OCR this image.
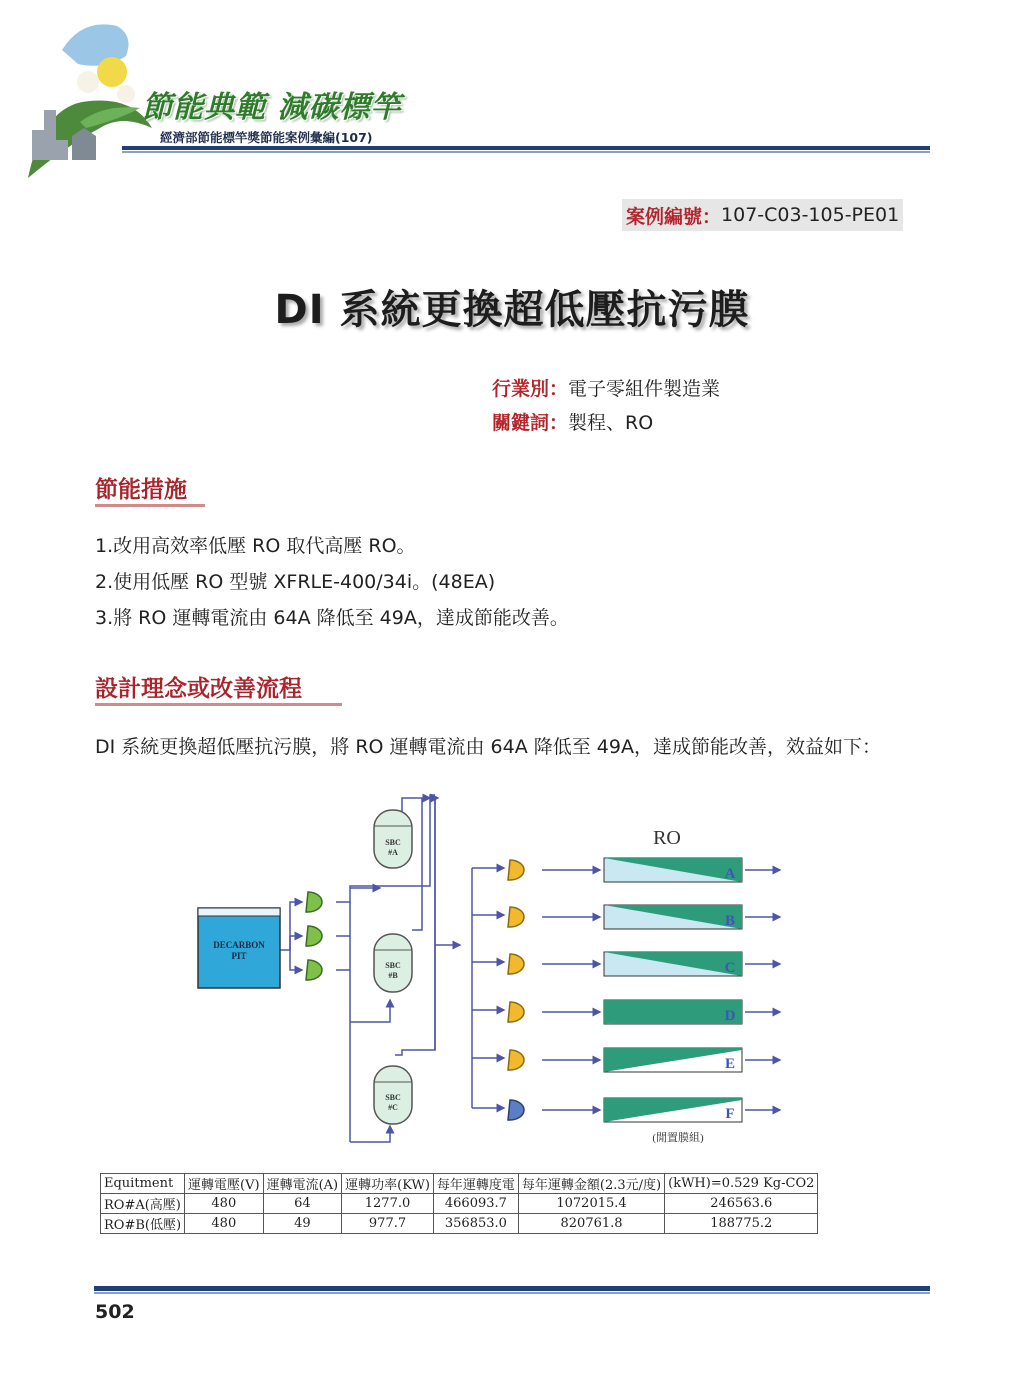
節能典範 減碳標竿
經濟部節能標竿獎節能案例彙編(107)
案例編號： 107-C03-105-PE01
DI 系統更換超低壓抗污膜
行業別：電子零組件製造業
關鍵詞：製程、RO
節能措施
1.改用高效率低壓 RO 取代高壓 RO。
2.使用低壓 RO 型號 XFRLE-400/34i。(48EA)
3.將 RO 運轉電流由 64A 降低至 49A，達成節能改善。
設計理念或改善流程
DI 系統更換超低壓抗污膜，將 RO 運轉電流由 64A 降低至 49A，達成節能改善，效益如下：
DECARBON
PIT
SBC
#A
SBC
#B
SBC
#C
RO
A
B
C
D
E
F
(閒置膜組)
Equitment	運轉電壓(V)	運轉電流(A)	運轉功率(KW)	每年運轉度電	每年運轉金額(2.3元/度)	(kWH)=0.529 Kg-CO2
RO#A(高壓)	480	64	1277.0	466093.7	1072015.4	246563.6
RO#B(低壓)	480	49	977.7	356853.0	820761.8	188775.2
502
